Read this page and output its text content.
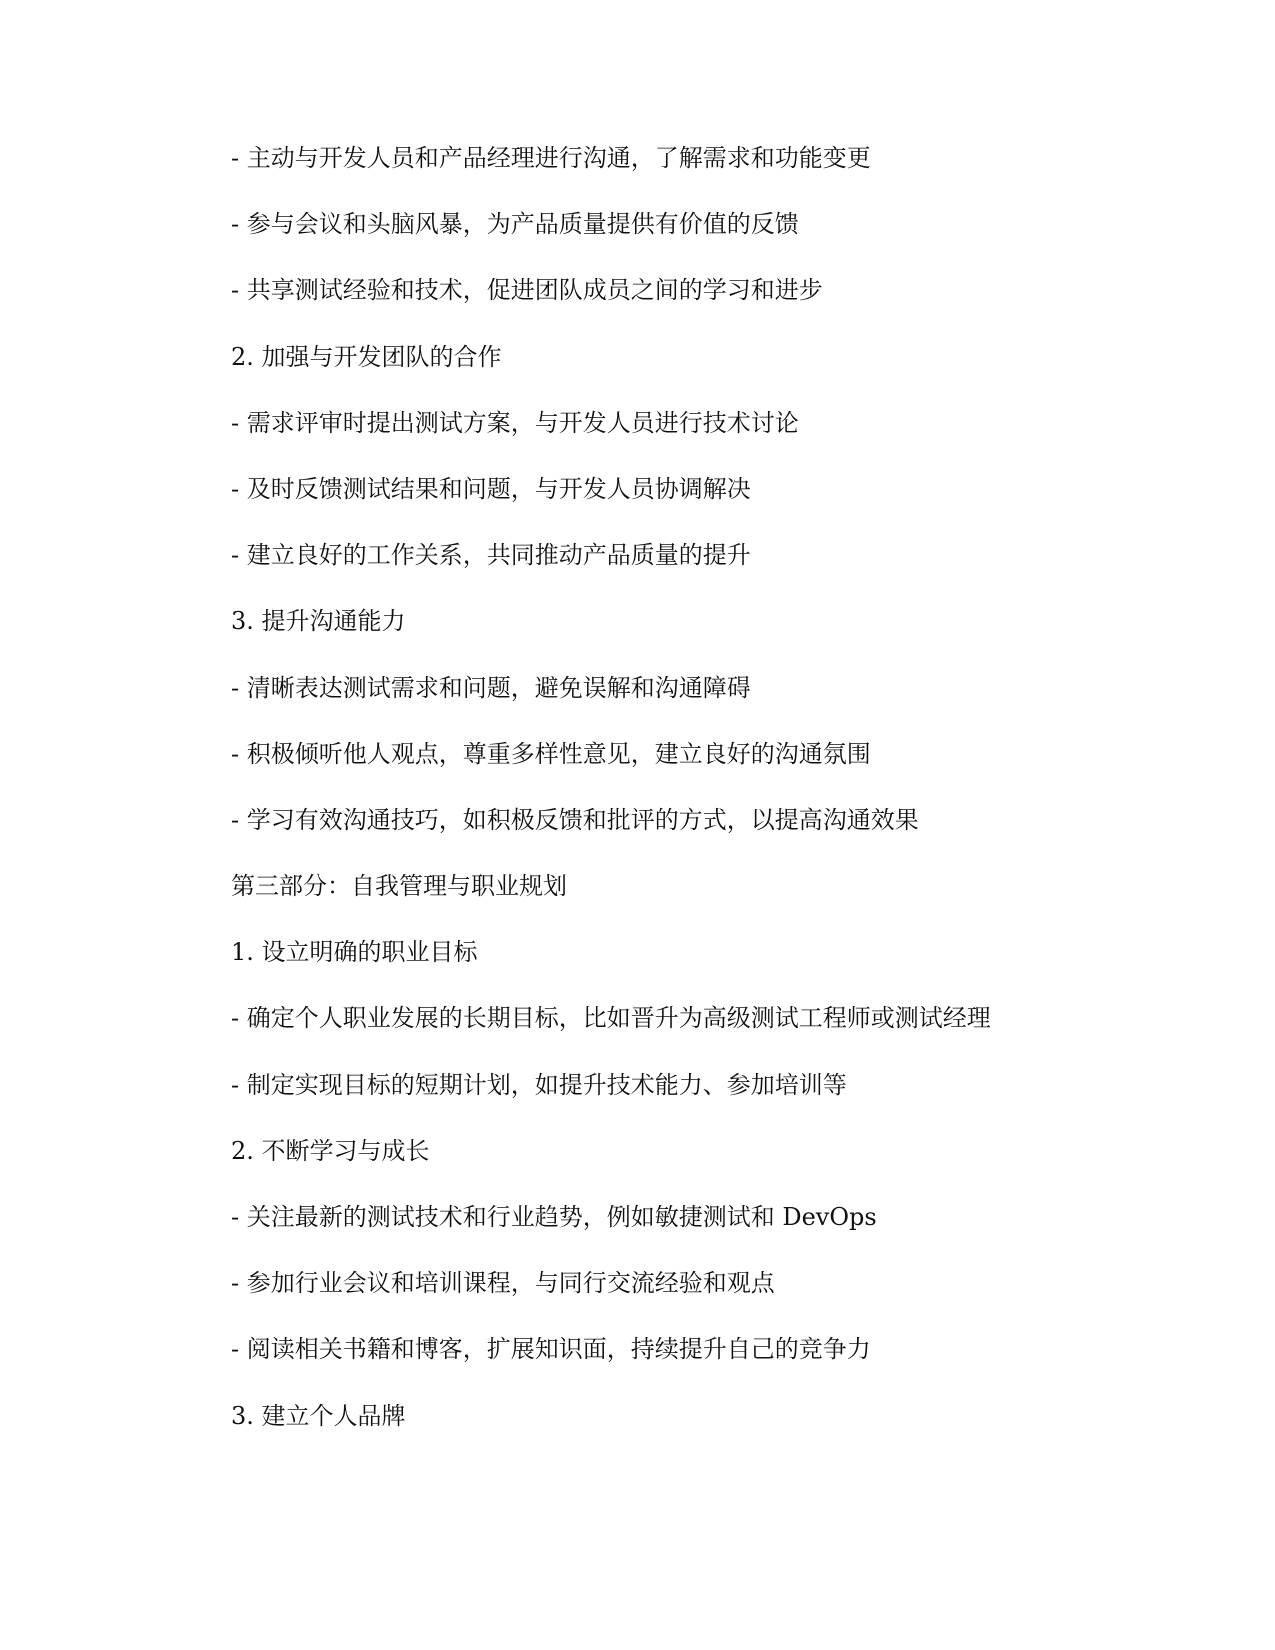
- 主动与开发人员和产品经理进行沟通，了解需求和功能变更

- 参与会议和头脑风暴，为产品质量提供有价值的反馈

- 共享测试经验和技术，促进团队成员之间的学习和进步

2. 加强与开发团队的合作

- 需求评审时提出测试方案，与开发人员进行技术讨论

- 及时反馈测试结果和问题，与开发人员协调解决

- 建立良好的工作关系，共同推动产品质量的提升

3. 提升沟通能力

- 清晰表达测试需求和问题，避免误解和沟通障碍

- 积极倾听他人观点，尊重多样性意见，建立良好的沟通氛围

- 学习有效沟通技巧，如积极反馈和批评的方式，以提高沟通效果

第三部分：自我管理与职业规划

1. 设立明确的职业目标

- 确定个人职业发展的长期目标，比如晋升为高级测试工程师或测试经理

- 制定实现目标的短期计划，如提升技术能力、参加培训等

2. 不断学习与成长

- 关注最新的测试技术和行业趋势，例如敏捷测试和 DevOps

- 参加行业会议和培训课程，与同行交流经验和观点

- 阅读相关书籍和博客，扩展知识面，持续提升自己的竞争力

3. 建立个人品牌
